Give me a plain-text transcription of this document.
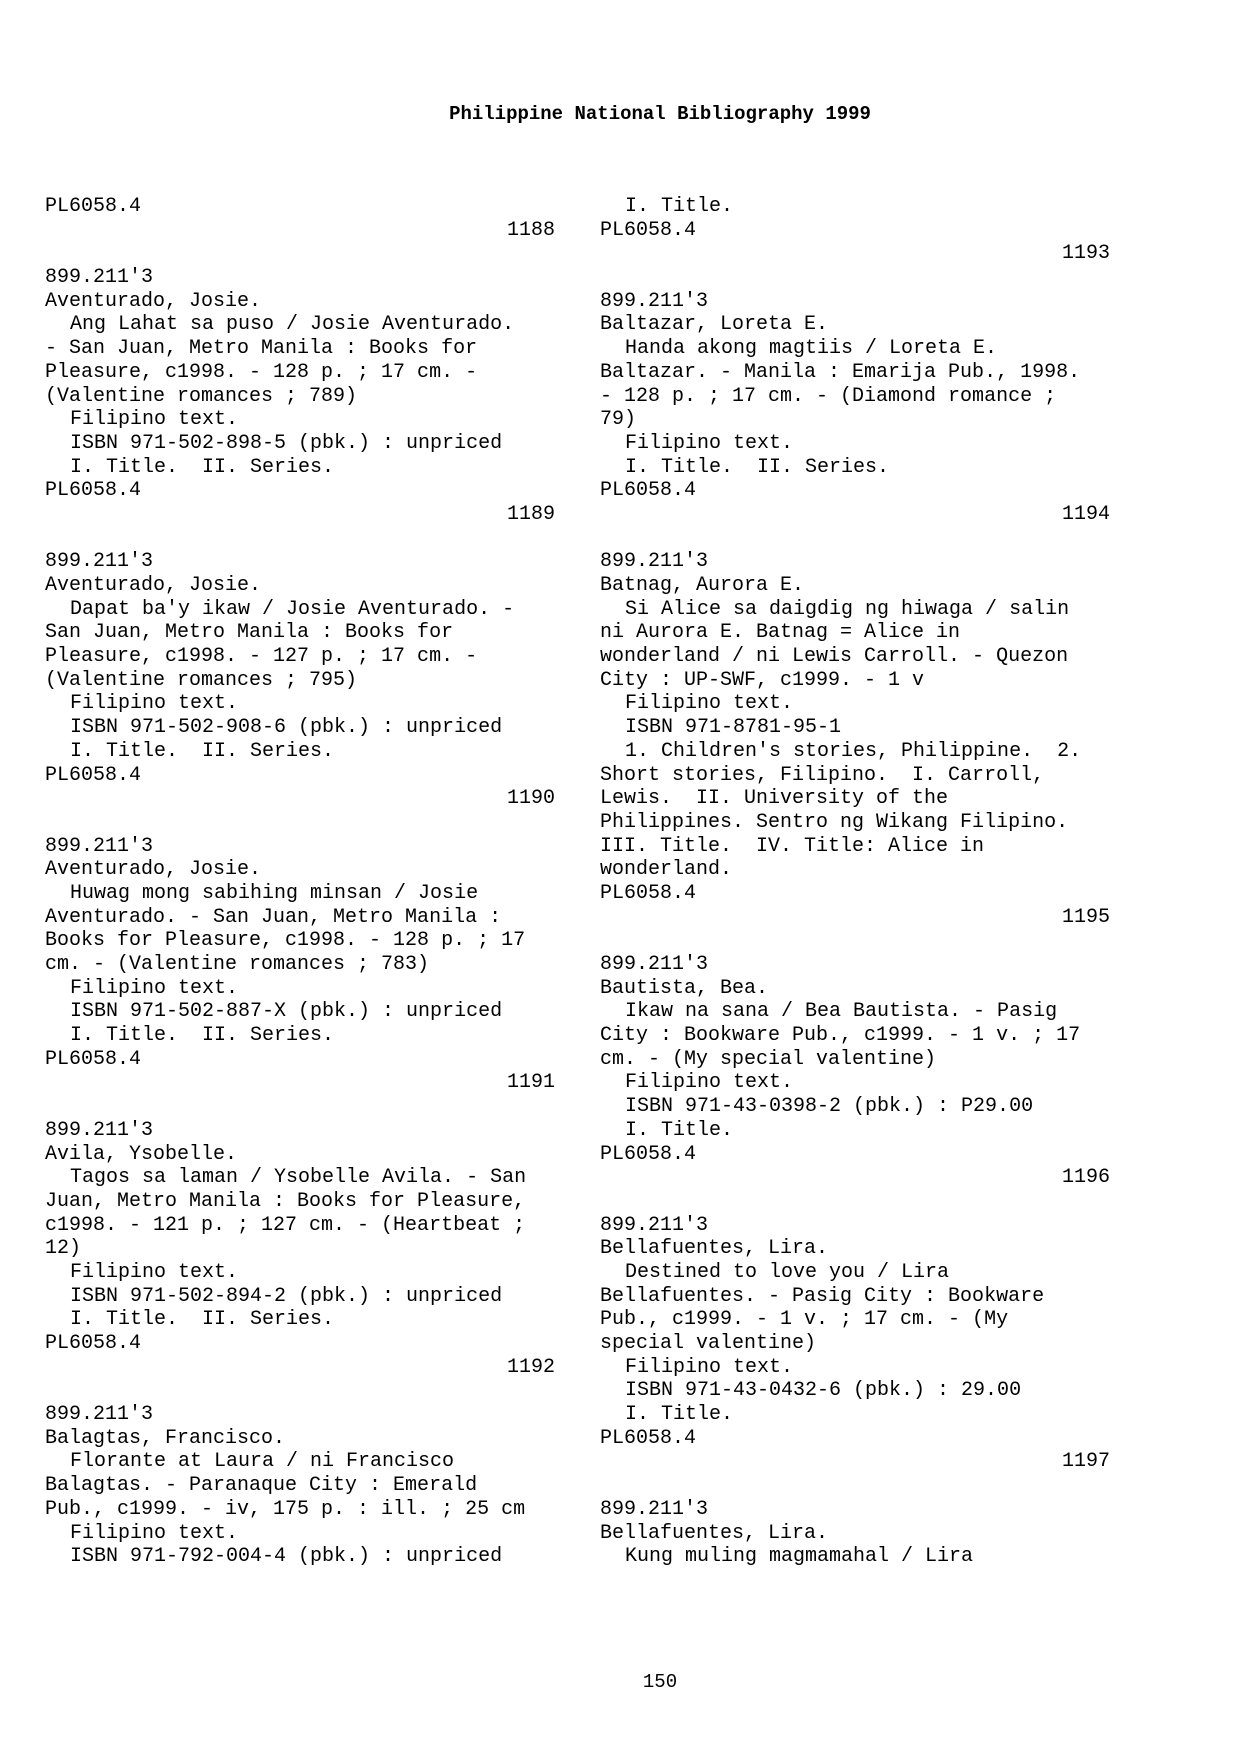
Philippine National Bibliography 1999
PL6058.4
1188
899.211'3
Aventurado, Josie.
Ang Lahat sa puso / Josie Aventurado.
- San Juan, Metro Manila : Books for
Pleasure, c1998. - 128 p. ; 17 cm. -
(Valentine romances ; 789)
Filipino text.
ISBN 971-502-898-5 (pbk.) : unpriced
I. Title.  II. Series.
PL6058.4
1189
899.211'3
Aventurado, Josie.
Dapat ba'y ikaw / Josie Aventurado. -
San Juan, Metro Manila : Books for
Pleasure, c1998. - 127 p. ; 17 cm. -
(Valentine romances ; 795)
Filipino text.
ISBN 971-502-908-6 (pbk.) : unpriced
I. Title.  II. Series.
PL6058.4
1190
899.211'3
Aventurado, Josie.
Huwag mong sabihing minsan / Josie
Aventurado. - San Juan, Metro Manila :
Books for Pleasure, c1998. - 128 p. ; 17
cm. - (Valentine romances ; 783)
Filipino text.
ISBN 971-502-887-X (pbk.) : unpriced
I. Title.  II. Series.
PL6058.4
1191
899.211'3
Avila, Ysobelle.
Tagos sa laman / Ysobelle Avila. - San
Juan, Metro Manila : Books for Pleasure,
c1998. - 121 p. ; 127 cm. - (Heartbeat ;
12)
Filipino text.
ISBN 971-502-894-2 (pbk.) : unpriced
I. Title.  II. Series.
PL6058.4
1192
899.211'3
Balagtas, Francisco.
Florante at Laura / ni Francisco
Balagtas. - Paranaque City : Emerald
Pub., c1999. - iv, 175 p. : ill. ; 25 cm
Filipino text.
ISBN 971-792-004-4 (pbk.) : unpriced
I. Title.
PL6058.4
1193
899.211'3
Baltazar, Loreta E.
Handa akong magtiis / Loreta E.
Baltazar. - Manila : Emarija Pub., 1998.
- 128 p. ; 17 cm. - (Diamond romance ;
79)
Filipino text.
I. Title.  II. Series.
PL6058.4
1194
899.211'3
Batnag, Aurora E.
Si Alice sa daigdig ng hiwaga / salin
ni Aurora E. Batnag = Alice in
wonderland / ni Lewis Carroll. - Quezon
City : UP-SWF, c1999. - 1 v
Filipino text.
ISBN 971-8781-95-1
1. Children's stories, Philippine.  2.
Short stories, Filipino.  I. Carroll,
Lewis.  II. University of the
Philippines. Sentro ng Wikang Filipino.
III. Title.  IV. Title: Alice in
wonderland.
PL6058.4
1195
899.211'3
Bautista, Bea.
Ikaw na sana / Bea Bautista. - Pasig
City : Bookware Pub., c1999. - 1 v. ; 17
cm. - (My special valentine)
Filipino text.
ISBN 971-43-0398-2 (pbk.) : P29.00
I. Title.
PL6058.4
1196
899.211'3
Bellafuentes, Lira.
Destined to love you / Lira
Bellafuentes. - Pasig City : Bookware
Pub., c1999. - 1 v. ; 17 cm. - (My
special valentine)
Filipino text.
ISBN 971-43-0432-6 (pbk.) : 29.00
I. Title.
PL6058.4
1197
899.211'3
Bellafuentes, Lira.
Kung muling magmamahal / Lira
150
